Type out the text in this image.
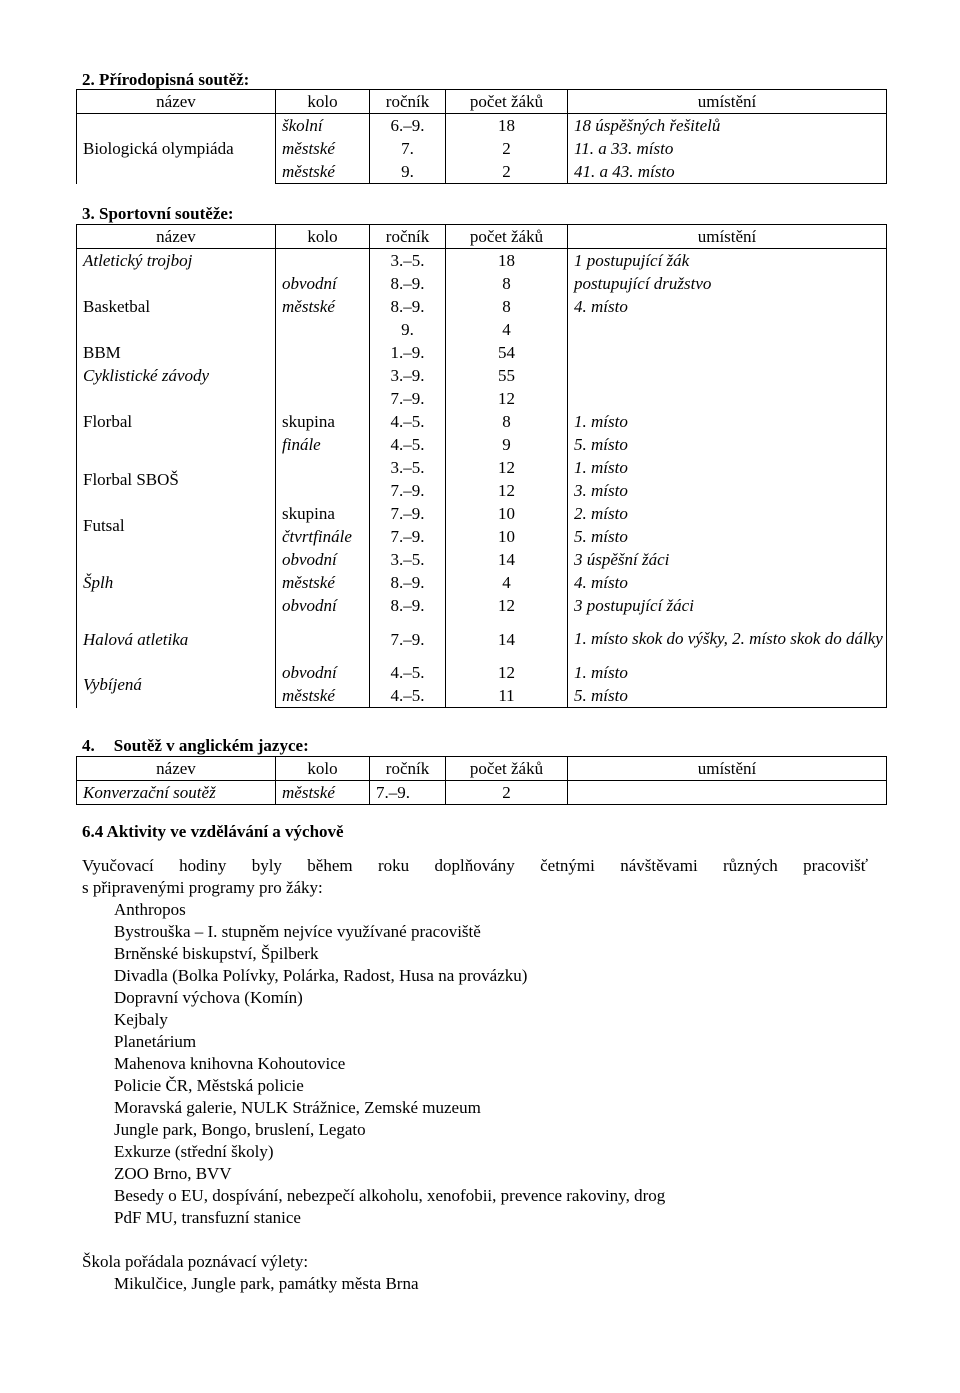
2. Přírodopisná soutěž:
název	kolo	ročník	počet žáků	umístění
Biologická olympiáda	školní	6.–9.	18	18 úspěšných řešitelů
	městské	7.	2	11. a 33. místo
	městské	9.	2	41. a 43. místo
3. Sportovní soutěže:
název	kolo	ročník	počet žáků	umístění
Atletický trojboj		3.–5.	18	1 postupující žák
Basketbal	obvodní	8.–9.	8	postupující družstvo
	městské	8.–9.	8	4. místo
		9.	4	
BBM		1.–9.	54	
Cyklistické závody		3.–9.	55	
Florbal		7.–9.	12	
	skupina	4.–5.	8	1. místo
	finále	4.–5.	9	5. místo
Florbal SBOŠ		3.–5.	12	1. místo
		7.–9.	12	3. místo
Futsal	skupina	7.–9.	10	2. místo
	čtvrtfinále	7.–9.	10	5. místo
Šplh	obvodní	3.–5.	14	3 úspěšní žáci
	městské	8.–9.	4	4. místo
	obvodní	8.–9.	12	3 postupující žáci
Halová atletika		7.–9.	14	1. místo skok do výšky, 2. místo skok do dálky
Vybíjená	obvodní	4.–5.	12	1. místo
	městské	4.–5.	11	5. místo
4. Soutěž v anglickém jazyce:
název	kolo	ročník	počet žáků	umístění
Konverzační soutěž	městské	7.–9.	2	
6.4 Aktivity ve vzdělávání a výchově
Vyučovací hodiny byly během roku doplňovány četnými návštěvami různých pracovišť
s připravenými programy pro žáky:
Anthropos
Bystrouška – I. stupněm nejvíce využívané pracoviště
Brněnské biskupství, Špilberk
Divadla (Bolka Polívky, Polárka, Radost, Husa na provázku)
Dopravní výchova (Komín)
Kejbaly
Planetárium
Mahenova knihovna Kohoutovice
Policie ČR, Městská policie
Moravská galerie, NULK Strážnice, Zemské muzeum
Jungle park, Bongo, bruslení, Legato
Exkurze (střední školy)
ZOO Brno, BVV
Besedy o EU, dospívání, nebezpečí alkoholu, xenofobii, prevence rakoviny, drog
PdF MU, transfuzní stanice
Škola pořádala poznávací výlety:
Mikulčice, Jungle park, památky města Brna
